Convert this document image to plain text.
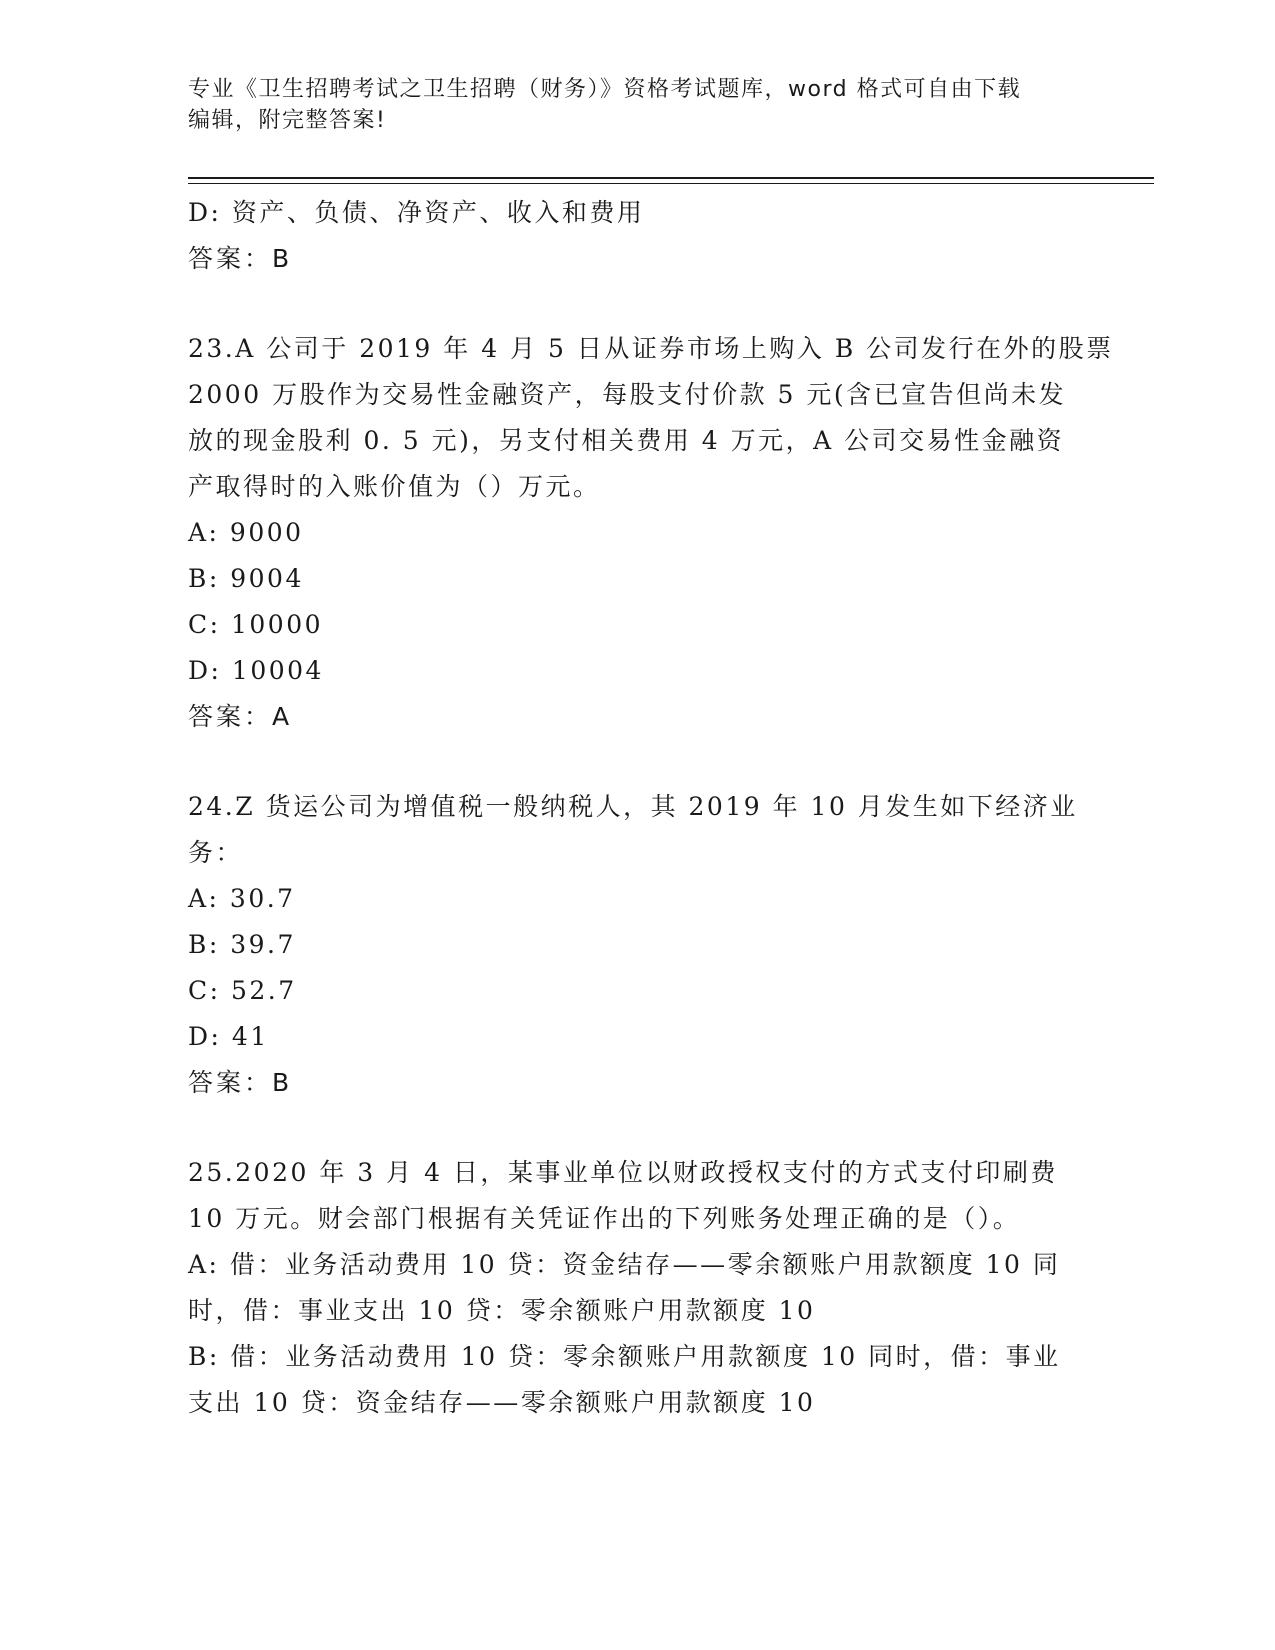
专业《卫生招聘考试之卫生招聘（财务）》资格考试题库，word 格式可自由下载
编辑，附完整答案!
D: 资产、负债、净资产、收入和费用
答案：B
23.A 公司于 2019 年 4 月 5 日从证券市场上购入 B 公司发行在外的股票
2000 万股作为交易性金融资产，每股支付价款 5 元(含已宣告但尚未发
放的现金股利 0. 5 元)，另支付相关费用 4 万元，A 公司交易性金融资
产取得时的入账价值为（）万元。
A: 9000
B: 9004
C: 10000
D: 10004
答案：A
24.Z 货运公司为增值税一般纳税人，其 2019 年 10 月发生如下经济业
务：
A: 30.7
B: 39.7
C: 52.7
D: 41
答案：B
25.2020 年 3 月 4 日，某事业单位以财政授权支付的方式支付印刷费
10 万元。财会部门根据有关凭证作出的下列账务处理正确的是（）。
A: 借：业务活动费用 10 贷：资金结存——零余额账户用款额度 10 同
时，借：事业支出 10 贷：零余额账户用款额度 10
B: 借：业务活动费用 10 贷：零余额账户用款额度 10 同时，借：事业
支出 10 贷：资金结存——零余额账户用款额度 10
